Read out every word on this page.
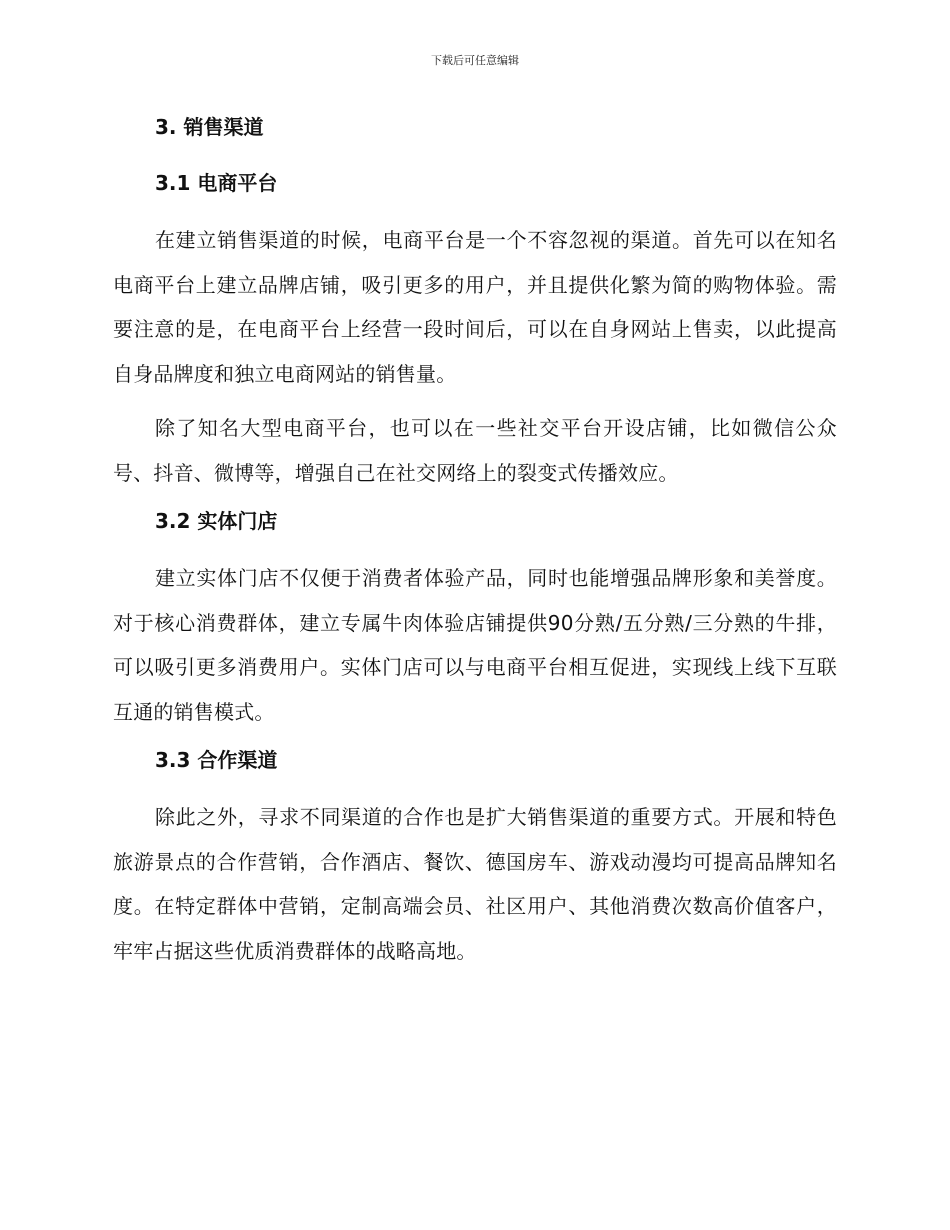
下载后可任意编辑
3. 销售渠道
3.1 电商平台

在建立销售渠道的时候，电商平台是一个不容忽视的渠道。首先可以在知名电商平台上建立品牌店铺，吸引更多的用户，并且提供化繁为简的购物体验。需要注意的是，在电商平台上经营一段时间后，可以在自身网站上售卖，以此提高自身品牌度和独立电商网站的销售量。

除了知名大型电商平台，也可以在一些社交平台开设店铺，比如微信公众号、抖音、微博等，增强自己在社交网络上的裂变式传播效应。

3.2 实体门店

建立实体门店不仅便于消费者体验产品，同时也能增强品牌形象和美誉度。对于核心消费群体，建立专属牛肉体验店铺提供90分熟/五分熟/三分熟的牛排，可以吸引更多消费用户。实体门店可以与电商平台相互促进，实现线上线下互联互通的销售模式。

3.3 合作渠道

除此之外，寻求不同渠道的合作也是扩大销售渠道的重要方式。开展和特色旅游景点的合作营销，合作酒店、餐饮、德国房车、游戏动漫均可提高品牌知名度。在特定群体中营销，定制高端会员、社区用户、其他消费次数高价值客户，牢牢占据这些优质消费群体的战略高地。
